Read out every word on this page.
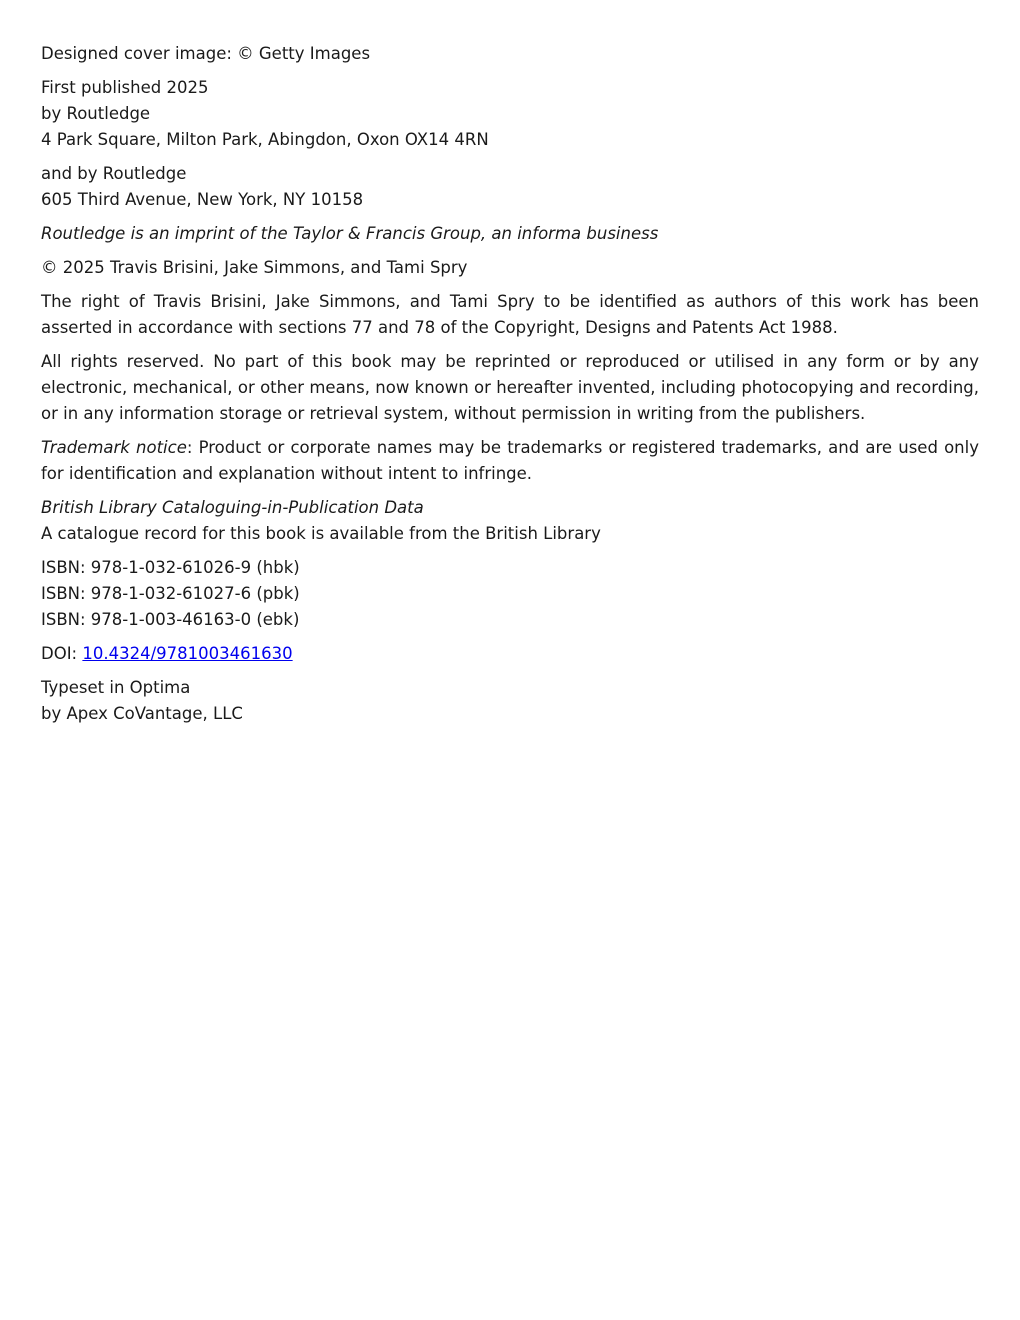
Designed cover image: © Getty Images

First published 2025
by Routledge
4 Park Square, Milton Park, Abingdon, Oxon OX14 4RN

and by Routledge
605 Third Avenue, New York, NY 10158

Routledge is an imprint of the Taylor & Francis Group, an informa business

© 2025 Travis Brisini, Jake Simmons, and Tami Spry

The right of Travis Brisini, Jake Simmons, and Tami Spry to be identified as authors of this work has been asserted in accordance with sections 77 and 78 of the Copyright, Designs and Patents Act 1988.

All rights reserved. No part of this book may be reprinted or reproduced or utilised in any form or by any electronic, mechanical, or other means, now known or hereafter invented, including photocopying and recording, or in any information storage or retrieval system, without permission in writing from the publishers.

Trademark notice: Product or corporate names may be trademarks or registered trademarks, and are used only for identification and explanation without intent to infringe.

British Library Cataloguing-in-Publication Data
A catalogue record for this book is available from the British Library

ISBN: 978-1-032-61026-9 (hbk)
ISBN: 978-1-032-61027-6 (pbk)
ISBN: 978-1-003-46163-0 (ebk)

DOI: 10.4324/9781003461630

Typeset in Optima
by Apex CoVantage, LLC
